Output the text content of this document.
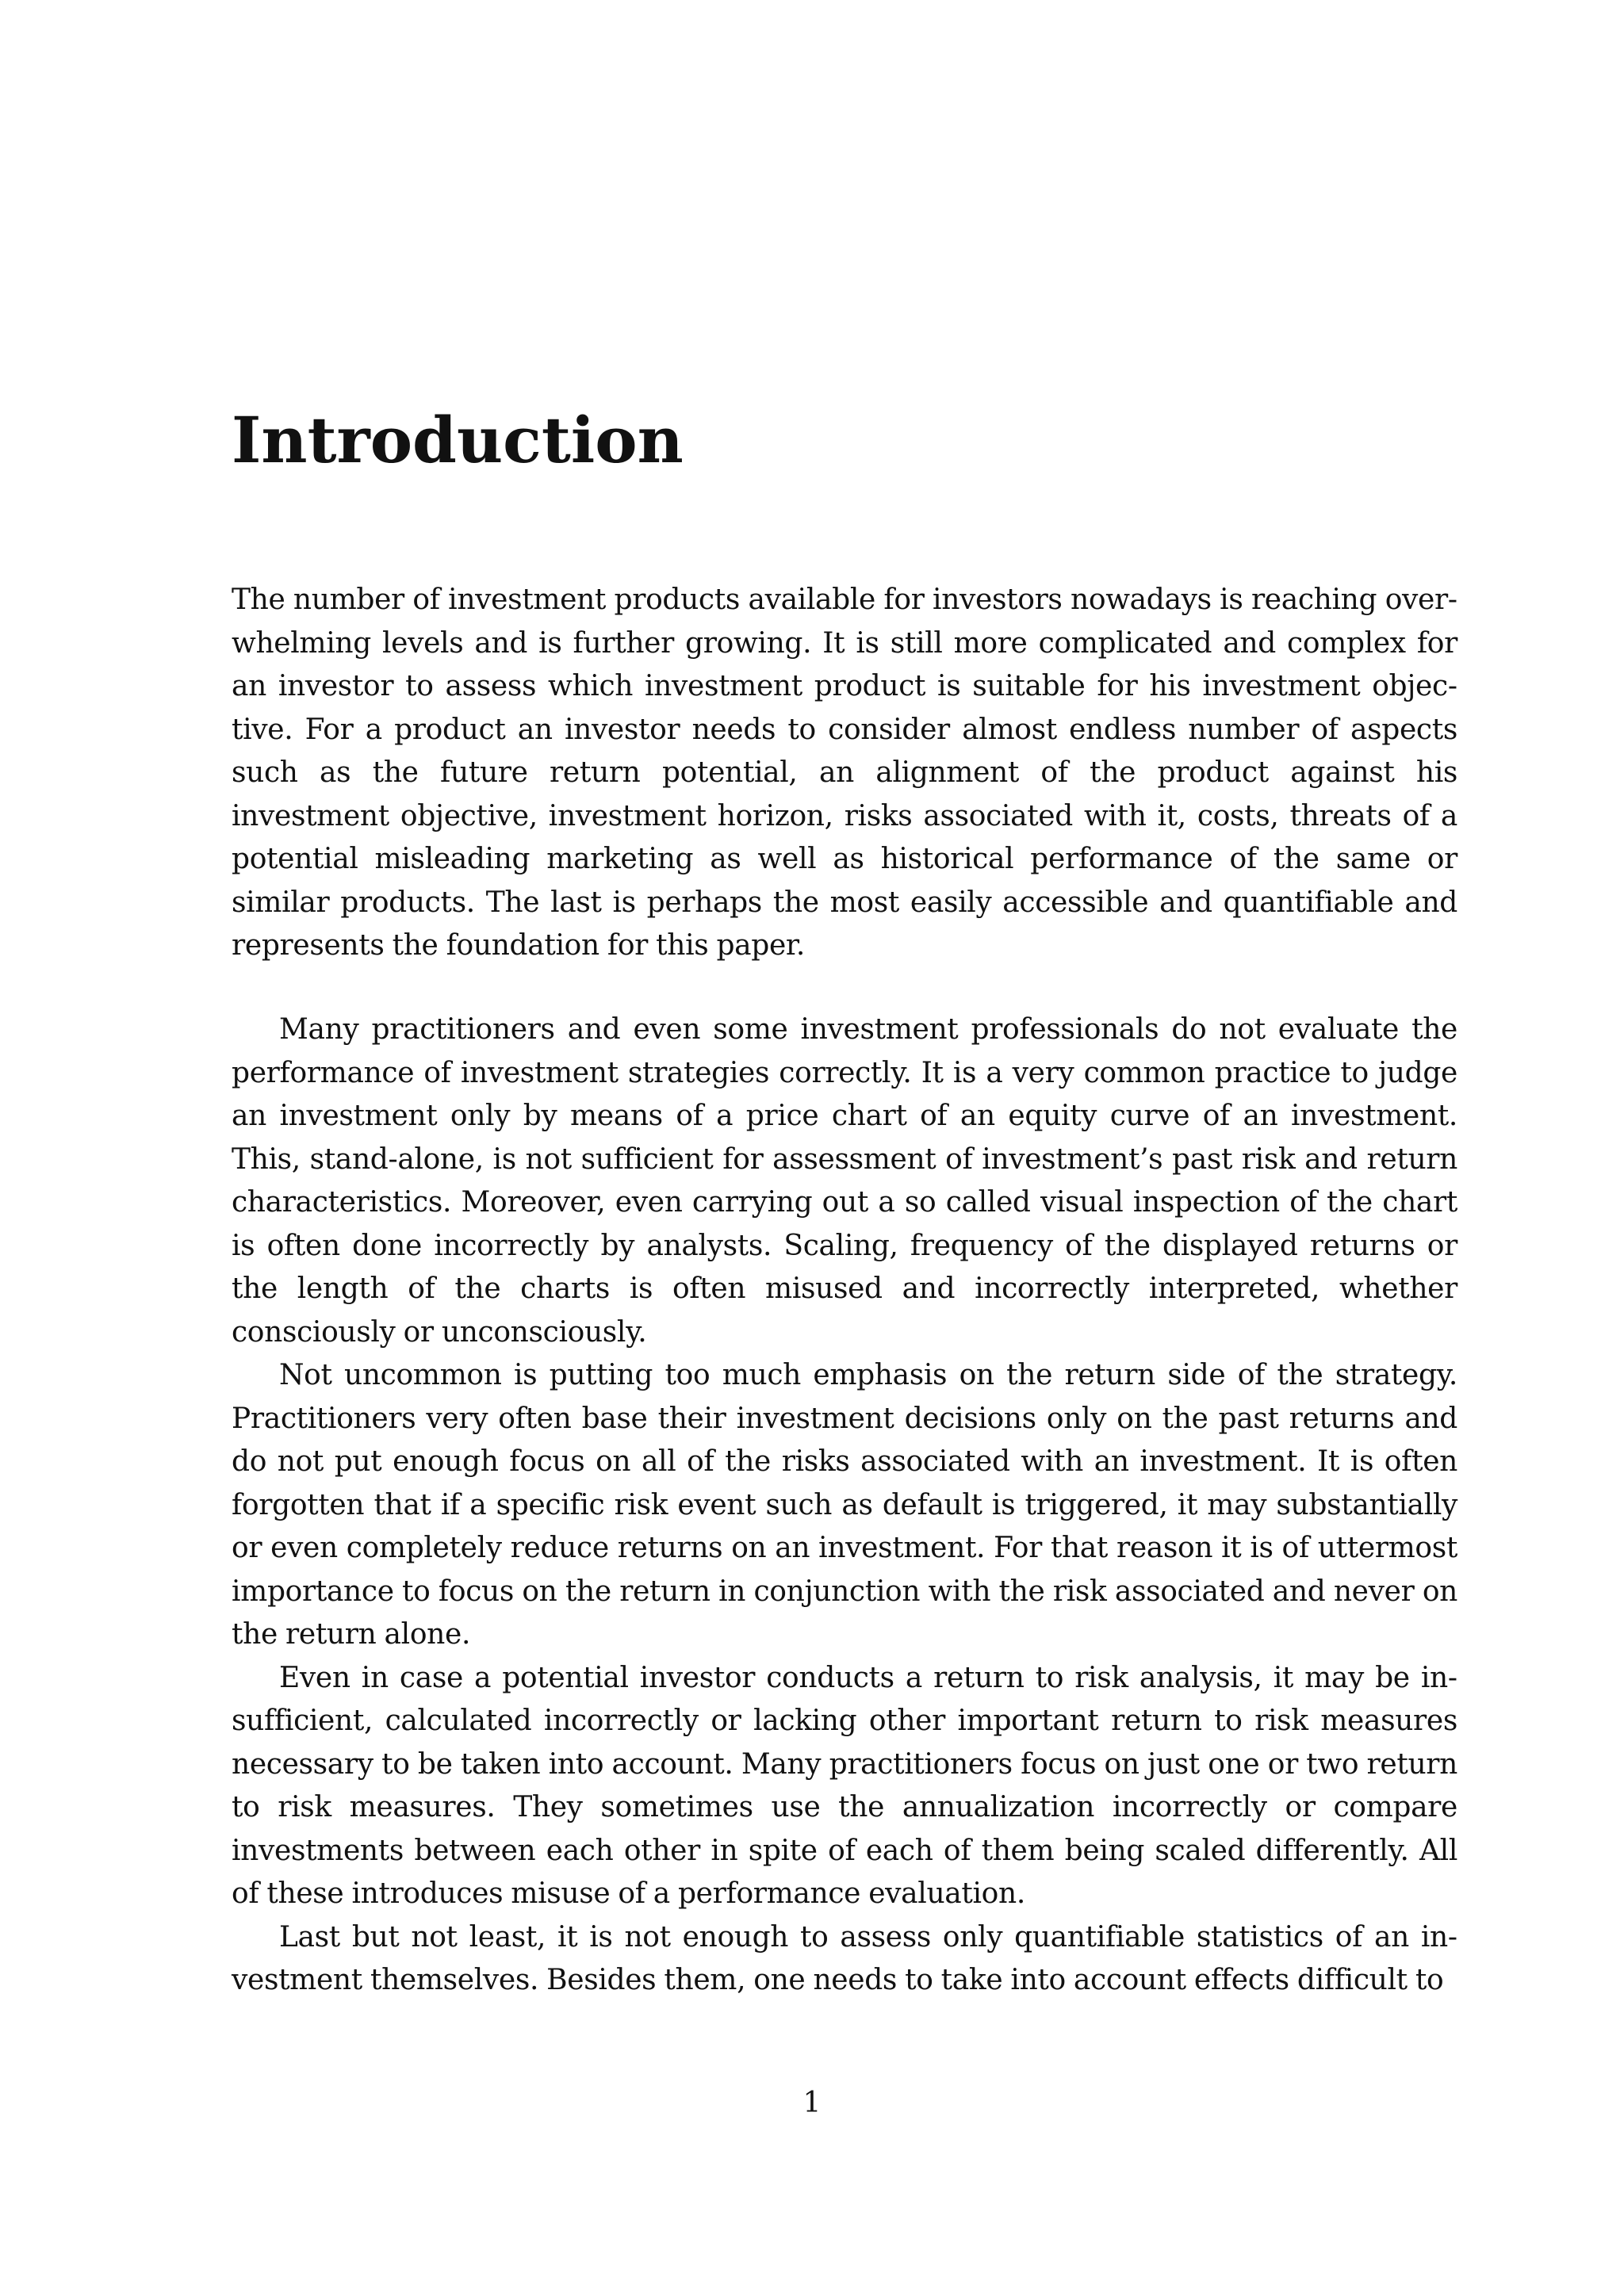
Introduction

The number of investment products available for investors nowadays is reaching overwhelming levels and is further growing. It is still more complicated and complex for an investor to assess which investment product is suitable for his investment objective. For a product an investor needs to consider almost endless number of aspects such as the future return potential, an alignment of the product against his investment objective, investment horizon, risks associated with it, costs, threats of a potential misleading marketing as well as historical performance of the same or similar products. The last is perhaps the most easily accessible and quantifiable and represents the foundation for this paper.

Many practitioners and even some investment professionals do not evaluate the performance of investment strategies correctly. It is a very common practice to judge an investment only by means of a price chart of an equity curve of an investment. This, stand-alone, is not sufficient for assessment of investment’s past risk and return characteristics. Moreover, even carrying out a so called visual inspection of the chart is often done incorrectly by analysts. Scaling, frequency of the displayed returns or the length of the charts is often misused and incorrectly interpreted, whether consciously or unconsciously.

Not uncommon is putting too much emphasis on the return side of the strategy. Practitioners very often base their investment decisions only on the past returns and do not put enough focus on all of the risks associated with an investment. It is often forgotten that if a specific risk event such as default is triggered, it may substantially or even completely reduce returns on an investment. For that reason it is of uttermost importance to focus on the return in conjunction with the risk associated and never on the return alone.

Even in case a potential investor conducts a return to risk analysis, it may be insufficient, calculated incorrectly or lacking other important return to risk measures necessary to be taken into account. Many practitioners focus on just one or two return to risk measures. They sometimes use the annualization incorrectly or compare investments between each other in spite of each of them being scaled differently. All of these introduces misuse of a performance evaluation.

Last but not least, it is not enough to assess only quantifiable statistics of an investment themselves. Besides them, one needs to take into account effects difficult to

1
